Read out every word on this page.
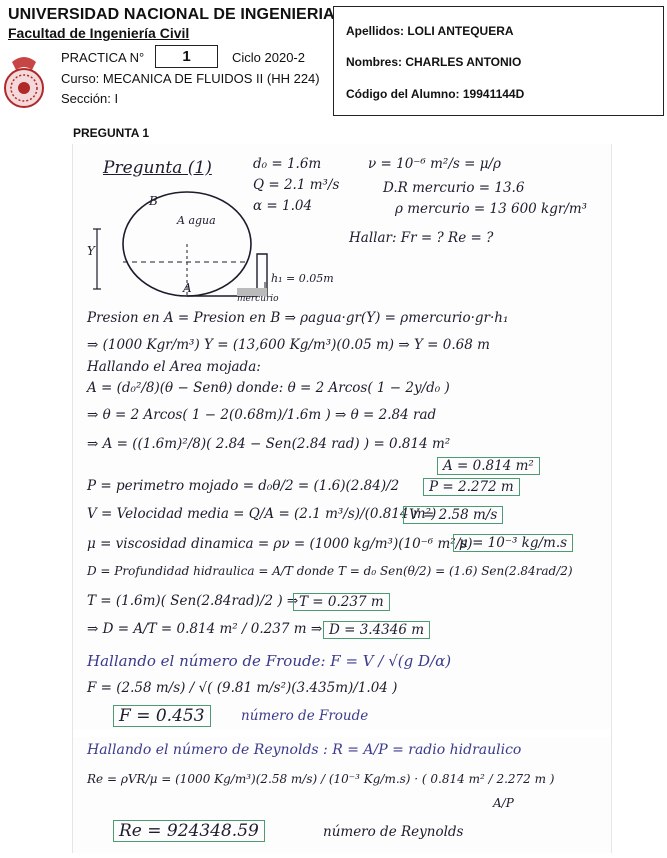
UNIVERSIDAD NACIONAL DE INGENIERIA
Facultad de Ingeniería Civil
PRACTICA N°	1	Ciclo 2020-2
Curso: MECANICA DE FLUIDOS II (HH 224)
Sección: I
Apellidos: LOLI ANTEQUERA
Nombres: CHARLES ANTONIO
Código del Alumno: 19941144D
PREGUNTA 1
Pregunta (1)	d₀ = 1.6m
Q = 2.1 m³/s
α = 1.04
ν = 10⁻⁶ m²/s = μ/ρ
D.R mercurio = 13.6
ρ mercurio = 13 600 kgr/m³
Hallar: Fr = ? Re = ?
B
A
Y
A agua
h₁ = 0.05m
mercurio
Presion en A = Presion en B ⇒ ρagua·gr(Y) = ρmercurio·gr·h₁
⇒ (1000 Kgr/m³) Y = (13,600 Kg/m³)(0.05 m) ⇒ Y = 0.68 m
Hallando el Area mojada:
A = (d₀²/8)(θ − Senθ) donde: θ = 2 Arcos( 1 − 2y/d₀ )
⇒ θ = 2 Arcos( 1 − 2(0.68m)/1.6m ) ⇒ θ = 2.84 rad
⇒ A = ((1.6m)²/8)( 2.84 − Sen(2.84 rad) ) = 0.814 m²
A = 0.814 m²
P = perimetro mojado = d₀θ/2 = (1.6)(2.84)/2	P = 2.272 m
V = Velocidad media = Q/A = (2.1 m³/s)/(0.814 m²)
V = 2.58 m/s
μ = viscosidad dinamica = ρν = (1000 kg/m³)(10⁻⁶ m²/s)
μ = 10⁻³ kg/m.s
D = Profundidad hidraulica = A/T donde T = d₀ Sen(θ/2) = (1.6) Sen(2.84rad/2)
T = (1.6m)( Sen(2.84rad)/2 ) ⇒ T = 0.237 m
⇒ D = A/T = 0.814 m² / 0.237 m ⇒ D = 3.4346 m
Hallando el número de Froude: F = V / √(g D/α)
F = (2.58 m/s) / √( (9.81 m/s²)(3.435m)/1.04 )
F = 0.453	número de Froude
Hallando el número de Reynolds : R = A/P = radio hidraulico
Re = ρVR/μ = (1000 Kg/m³)(2.58 m/s) / (10⁻³ Kg/m.s) · ( 0.814 m² / 2.272 m )
A/P
Re = 924348.59	número de Reynolds
